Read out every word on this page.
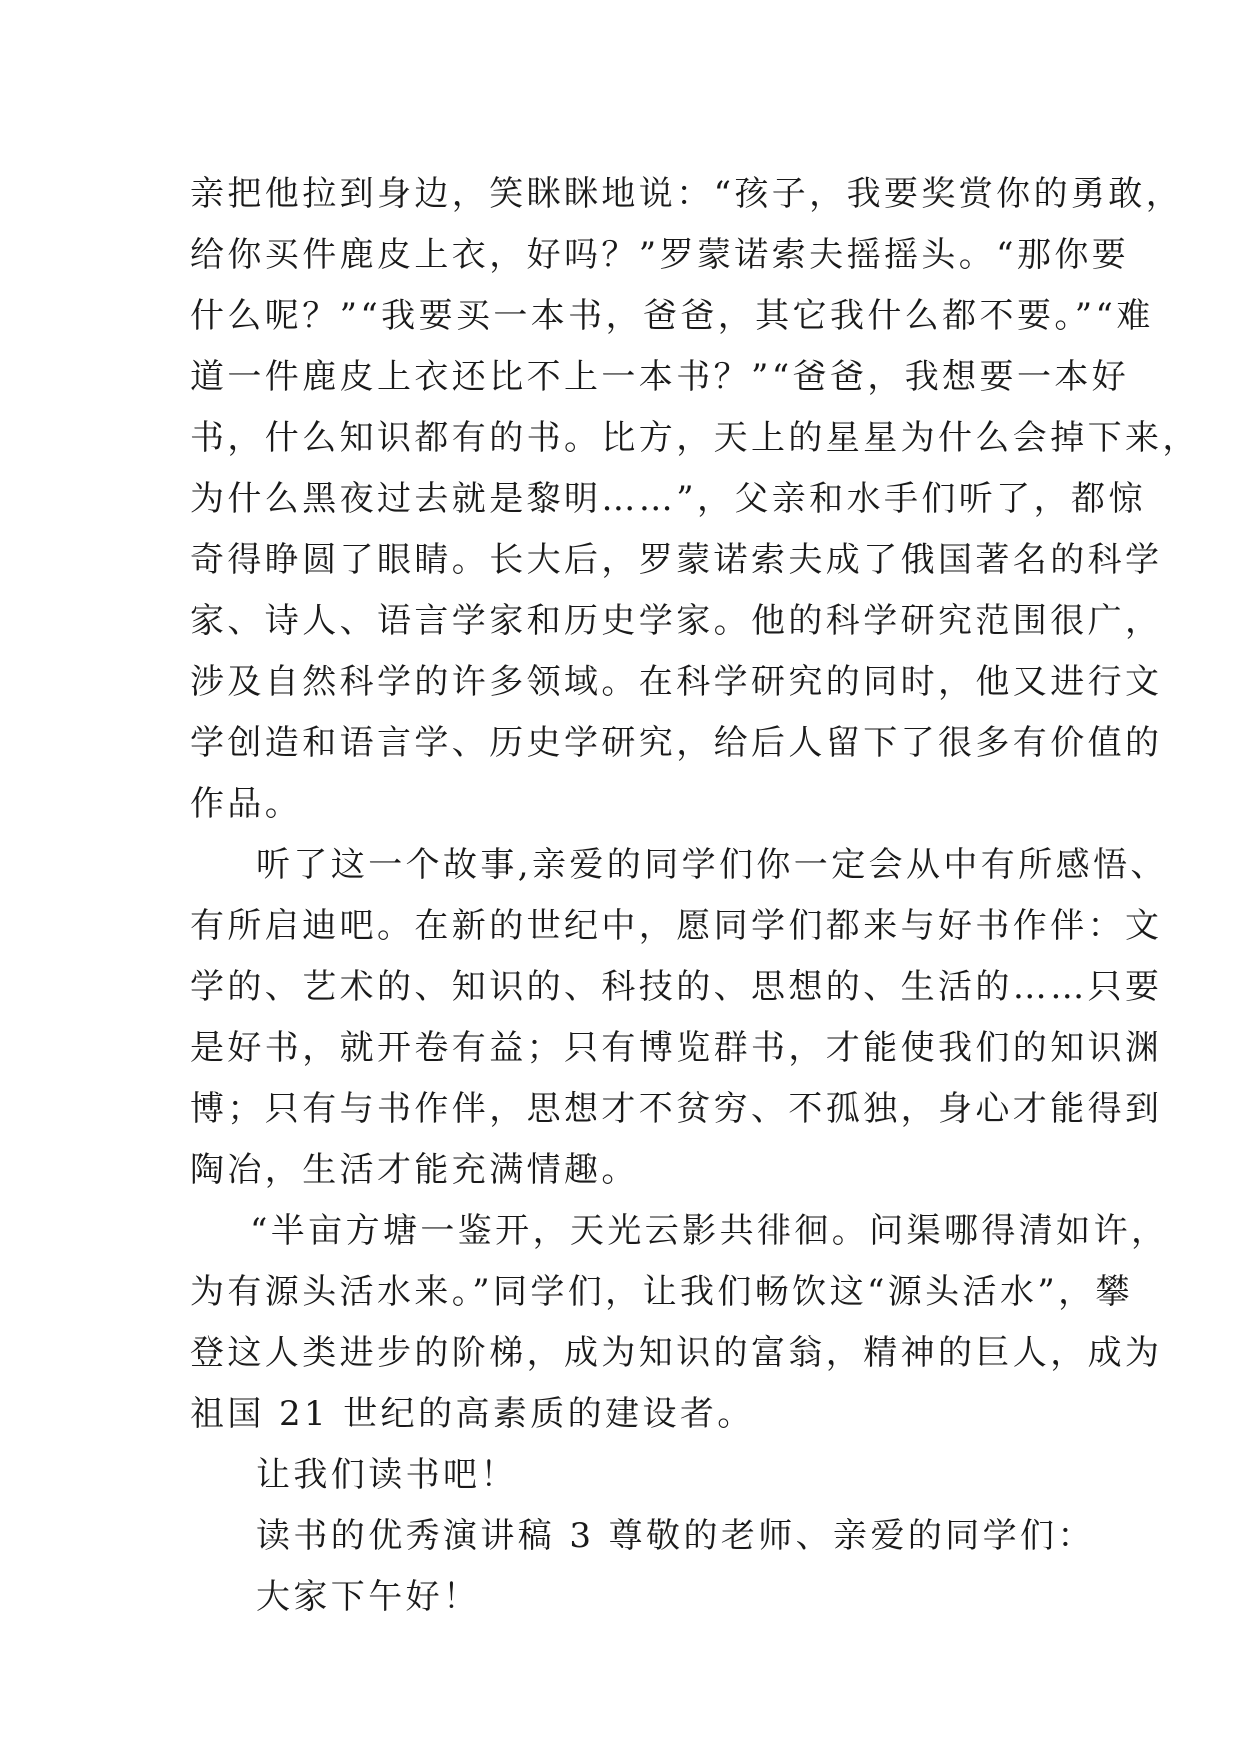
亲把他拉到身边，笑眯眯地说：“孩子，我要奖赏你的勇敢，
给你买件鹿皮上衣，好吗？”罗蒙诺索夫摇摇头。“那你要
什么呢？”“我要买一本书，爸爸，其它我什么都不要。”“难
道一件鹿皮上衣还比不上一本书？”“爸爸，我想要一本好
书，什么知识都有的书。比方，天上的星星为什么会掉下来，
为什么黑夜过去就是黎明……”，父亲和水手们听了，都惊
奇得睁圆了眼睛。长大后，罗蒙诺索夫成了俄国著名的科学
家、诗人、语言学家和历史学家。他的科学研究范围很广，
涉及自然科学的许多领域。在科学研究的同时，他又进行文
学创造和语言学、历史学研究，给后人留下了很多有价值的
作品。
听了这一个故事,亲爱的同学们你一定会从中有所感悟、
有所启迪吧。在新的世纪中，愿同学们都来与好书作伴：文
学的、艺术的、知识的、科技的、思想的、生活的……只要
是好书，就开卷有益；只有博览群书，才能使我们的知识渊
博；只有与书作伴，思想才不贫穷、不孤独，身心才能得到
陶冶，生活才能充满情趣。
“半亩方塘一鉴开，天光云影共徘徊。问渠哪得清如许，
为有源头活水来。”同学们，让我们畅饮这“源头活水”，攀
登这人类进步的阶梯，成为知识的富翁，精神的巨人，成为
祖国 21 世纪的高素质的建设者。
让我们读书吧！
读书的优秀演讲稿 3 尊敬的老师、亲爱的同学们：
大家下午好！
